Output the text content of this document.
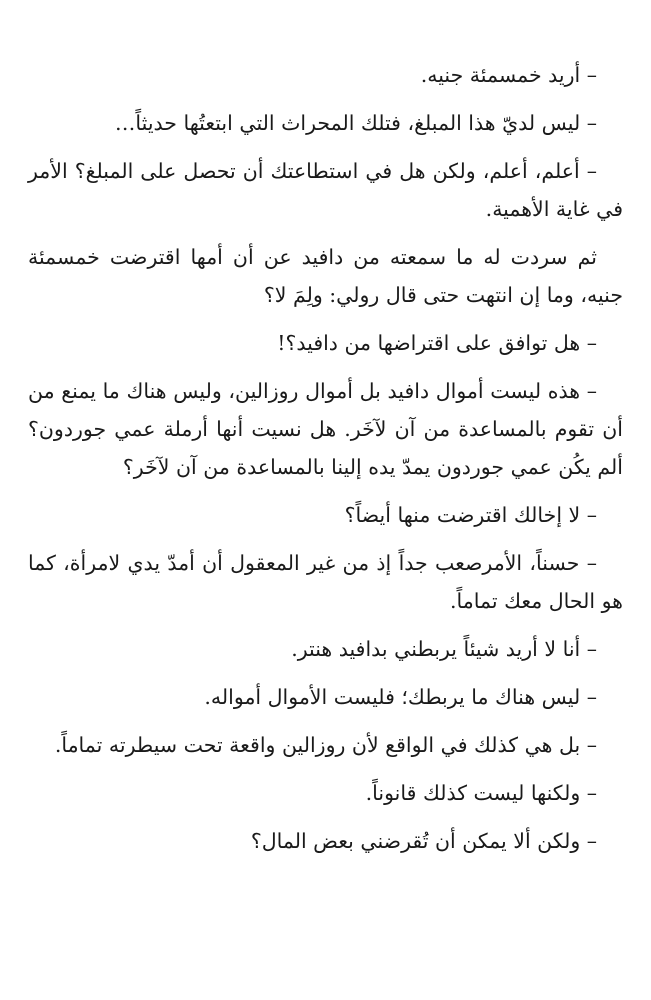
– أريد خمسمئة جنيه.

– ليس لديّ هذا المبلغ، فتلك المحراث التي ابتعتُها حديثاً…

– أعلم، أعلم، ولكن هل في استطاعتك أن تحصل على المبلغ؟ الأمر في غاية الأهمية.

ثم سردت له ما سمعته من دافيد عن أن أمها اقترضت خمسمئة جنيه، وما إن انتهت حتى قال رولي: ولِمَ لا؟

– هل توافق على اقتراضها من دافيد؟!

– هذه ليست أموال دافيد بل أموال روزالين، وليس هناك ما يمنع من أن تقوم بالمساعدة من آن لآخَر. هل نسيت أنها أرملة عمي جوردون؟ ألم يكُن عمي جوردون يمدّ يده إلينا بالمساعدة من آن لآخَر؟

– لا إخالك اقترضت منها أيضاً؟

– حسناً، الأمرصعب جداً إذ من غير المعقول أن أمدّ يدي لامرأة، كما هو الحال معك تماماً.

– أنا لا أريد شيئاً يربطني بدافيد هنتر.

– ليس هناك ما يربطك؛ فليست الأموال أمواله.

– بل هي كذلك في الواقع لأن روزالين واقعة تحت سيطرته تماماً.

– ولكنها ليست كذلك قانوناً.

– ولكن ألا يمكن أن تُقرضني بعض المال؟
